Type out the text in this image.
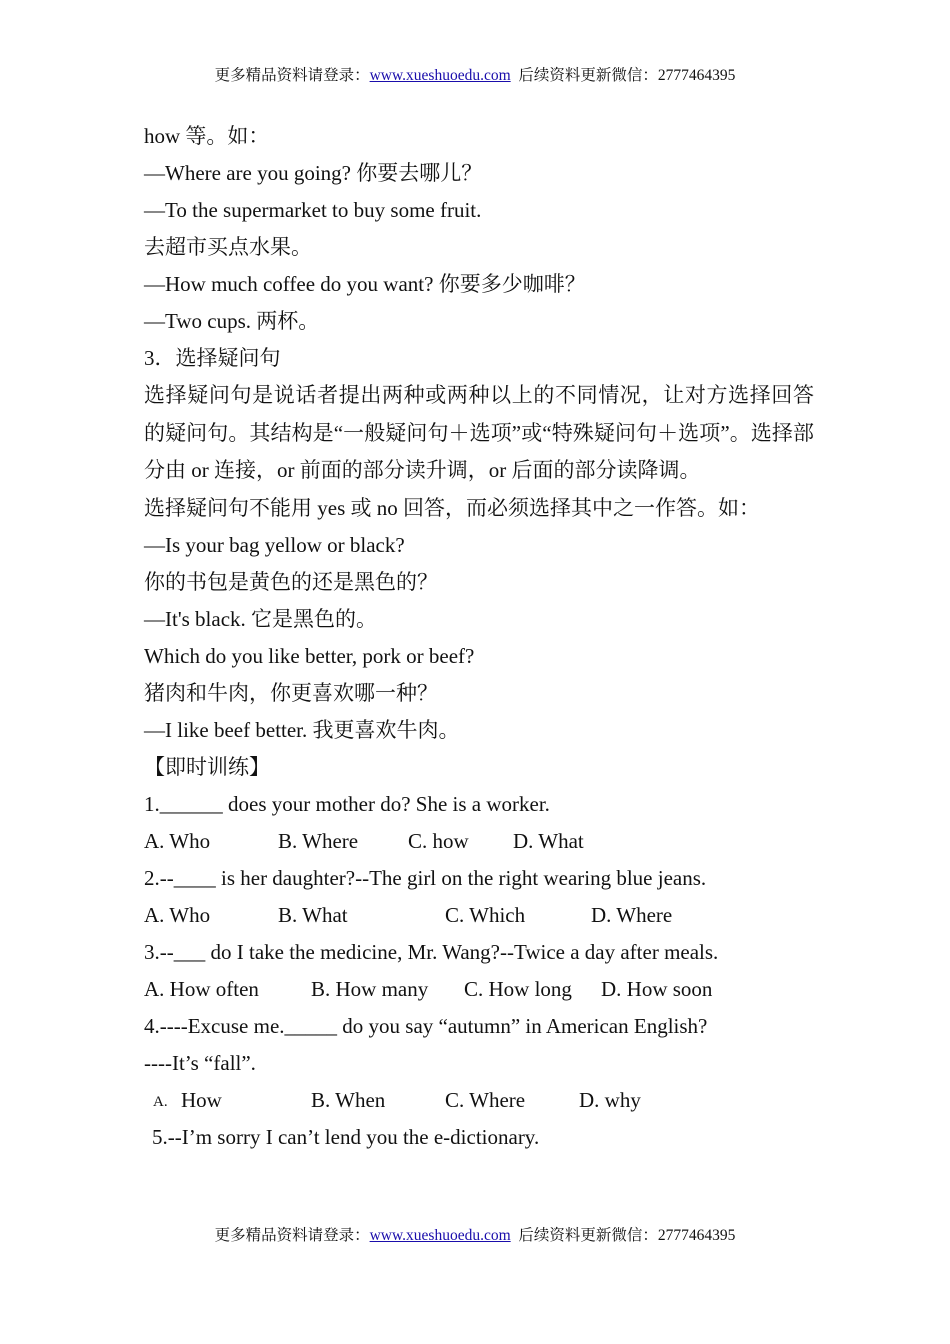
更多精品资料请登录：www.xueshuoedu.com  后续资料更新微信：2777464395
how 等。如：
—Where are you going? 你要去哪儿？
—To the supermarket to buy some fruit.
去超市买点水果。
—How much coffee do you want? 你要多少咖啡？
—Two cups. 两杯。
3．选择疑问句
选择疑问句是说话者提出两种或两种以上的不同情况，让对方选择回答的疑问句。其结构是“一般疑问句＋选项”或“特殊疑问句＋选项”。选择部分由 or 连接，or 前面的部分读升调，or 后面的部分读降调。
选择疑问句不能用 yes 或 no 回答，而必须选择其中之一作答。如：
—Is your bag yellow or black?
你的书包是黄色的还是黑色的？
—It's black. 它是黑色的。
Which do you like better, pork or beef?
猪肉和牛肉，你更喜欢哪一种？
—I like beef better. 我更喜欢牛肉。
【即时训练】
1.______ does your mother do? She is a worker.
A. Who	B. Where C. how D. What
2.--____ is her daughter?--The girl on the right wearing blue jeans.
A. Who	B. What	C. Which	D. Where
3.--___ do I take the medicine, Mr. Wang?--Twice a day after meals.
A. How often B. How many C. How long D. How soon
4.----Excuse me._____ do you say “autumn” in American English?
----It’s “fall”.
A. How	B. When	C. Where	D. why
5.--I’m sorry I can’t lend you the e-dictionary.
更多精品资料请登录：www.xueshuoedu.com  后续资料更新微信：2777464395
